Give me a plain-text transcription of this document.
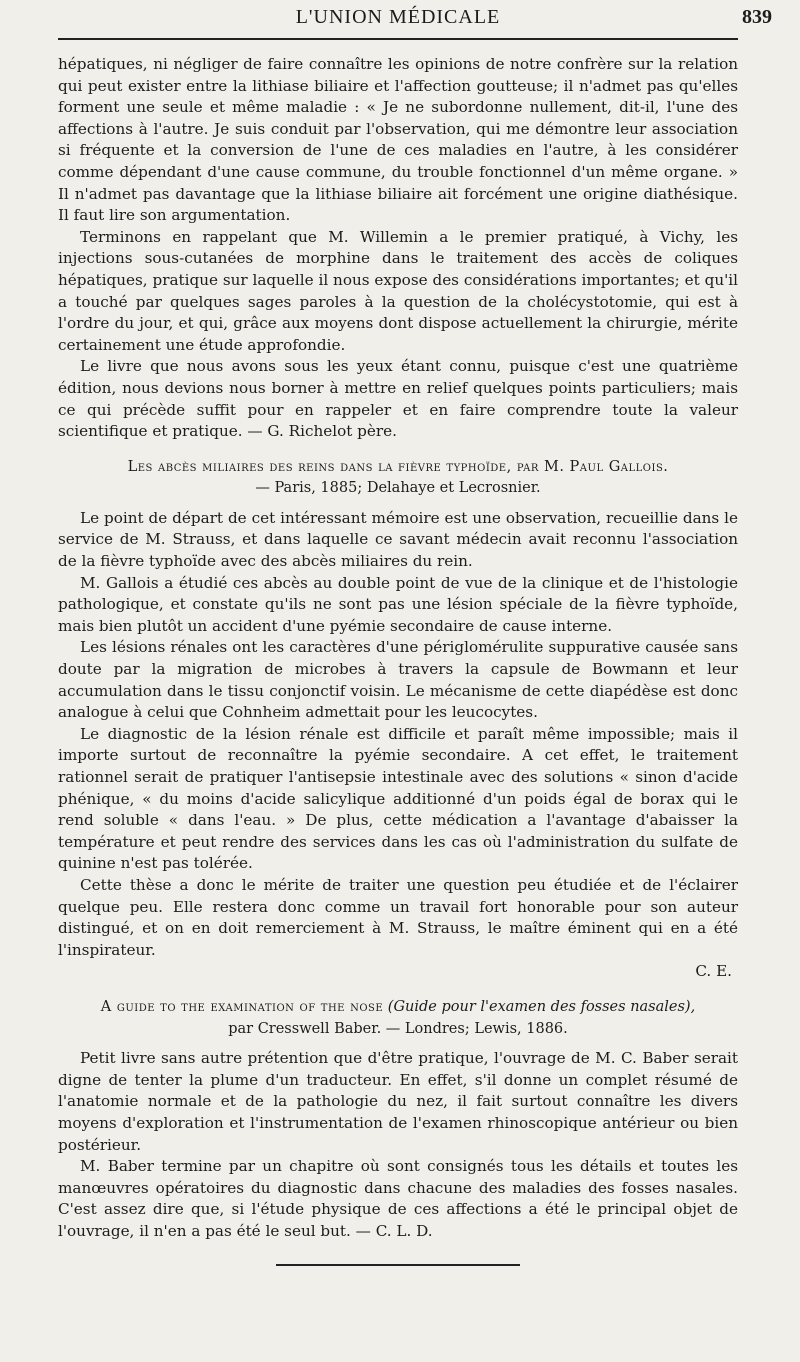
L'UNION MÉDICALE	839

hépatiques, ni négliger de faire connaître les opinions de notre confrère sur la relation qui peut exister entre la lithiase biliaire et l'affection goutteuse; il n'admet pas qu'elles forment une seule et même maladie : « Je ne subordonne nullement, dit-il, l'une des affections à l'autre. Je suis conduit par l'observation, qui me démontre leur association si fréquente et la conversion de l'une de ces maladies en l'autre, à les considérer comme dépendant d'une cause commune, du trouble fonctionnel d'un même organe. » Il n'admet pas davantage que la lithiase biliaire ait forcément une origine diathésique. Il faut lire son argumentation.

Terminons en rappelant que M. Willemin a le premier pratiqué, à Vichy, les injections sous-cutanées de morphine dans le traitement des accès de coliques hépatiques, pratique sur laquelle il nous expose des considérations importantes; et qu'il a touché par quelques sages paroles à la question de la cholécystotomie, qui est à l'ordre du jour, et qui, grâce aux moyens dont dispose actuellement la chirurgie, mérite certainement une étude approfondie.

Le livre que nous avons sous les yeux étant connu, puisque c'est une quatrième édition, nous devions nous borner à mettre en relief quelques points particuliers; mais ce qui précède suffit pour en rappeler et en faire comprendre toute la valeur scientifique et pratique. — G. Richelot père.

Les abcès miliaires des reins dans la fièvre typhoïde, par M. Paul Gallois.
— Paris, 1885; Delahaye et Lecrosnier.

Le point de départ de cet intéressant mémoire est une observation, recueillie dans le service de M. Strauss, et dans laquelle ce savant médecin avait reconnu l'association de la fièvre typhoïde avec des abcès miliaires du rein.

M. Gallois a étudié ces abcès au double point de vue de la clinique et de l'histologie pathologique, et constate qu'ils ne sont pas une lésion spéciale de la fièvre typhoïde, mais bien plutôt un accident d'une pyémie secondaire de cause interne.

Les lésions rénales ont les caractères d'une périglomérulite suppurative causée sans doute par la migration de microbes à travers la capsule de Bowmann et leur accumulation dans le tissu conjonctif voisin. Le mécanisme de cette diapédèse est donc analogue à celui que Cohnheim admettait pour les leucocytes.

Le diagnostic de la lésion rénale est difficile et paraît même impossible; mais il importe surtout de reconnaître la pyémie secondaire. A cet effet, le traitement rationnel serait de pratiquer l'antisepsie intestinale avec des solutions « sinon d'acide phénique, « du moins d'acide salicylique additionné d'un poids égal de borax qui le rend soluble « dans l'eau. » De plus, cette médication a l'avantage d'abaisser la température et peut rendre des services dans les cas où l'administration du sulfate de quinine n'est pas tolérée.

Cette thèse a donc le mérite de traiter une question peu étudiée et de l'éclairer quelque peu. Elle restera donc comme un travail fort honorable pour son auteur distingué, et on en doit remerciement à M. Strauss, le maître éminent qui en a été l'inspirateur.

C. E.
A guide to the examination of the nose (Guide pour l'examen des fosses nasales),
par Cresswell Baber. — Londres; Lewis, 1886.

Petit livre sans autre prétention que d'être pratique, l'ouvrage de M. C. Baber serait digne de tenter la plume d'un traducteur. En effet, s'il donne un complet résumé de l'anatomie normale et de la pathologie du nez, il fait surtout connaître les divers moyens d'exploration et l'instrumentation de l'examen rhinoscopique antérieur ou bien postérieur.

M. Baber termine par un chapitre où sont consignés tous les détails et toutes les manœuvres opératoires du diagnostic dans chacune des maladies des fosses nasales. C'est assez dire que, si l'étude physique de ces affections a été le principal objet de l'ouvrage, il n'en a pas été le seul but. — C. L. D.
